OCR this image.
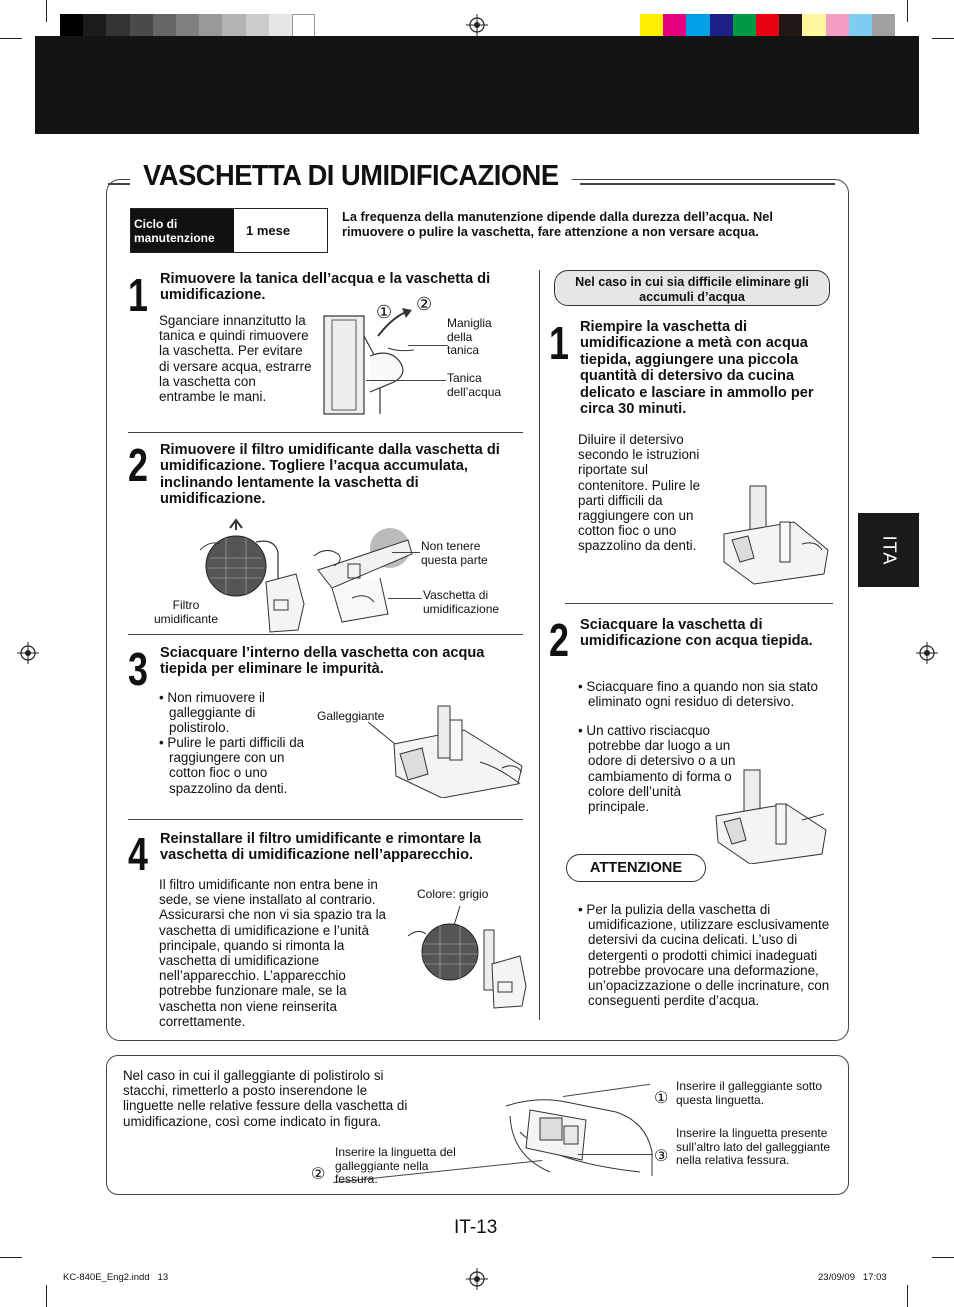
ITA
VASCHETTA DI UMIDIFICAZIONE
Ciclo di manutenzione	1 mese
La frequenza della manutenzione dipende dalla durezza dell’acqua. Nel rimuovere o pulire la vaschetta, fare attenzione a non versare acqua.
1 Rimuovere la tanica dell’acqua e la vaschetta di umidificazione.
Sganciare innanzitutto la tanica e quindi rimuovere la vaschetta. Per evitare di versare acqua, estrarre la vaschetta con entrambe le mani.
① ②
Maniglia della tanica
Tanica dell’acqua
2 Rimuovere il filtro umidificante dalla vaschetta di umidificazione. Togliere l’acqua accumulata, inclinando lentamente la vaschetta di umidificazione.
Non tenere questa parte
Vaschetta di umidificazione
Filtro umidificante
3 Sciacquare l’interno della vaschetta con acqua tiepida per eliminare le impurità.
• Non rimuovere il galleggiante di polistirolo.
• Pulire le parti difficili da raggiungere con un cotton fioc o uno spazzolino da denti.
Galleggiante
4 Reinstallare il filtro umidificante e rimontare la vaschetta di umidificazione nell’apparecchio.
Il filtro umidificante non entra bene in sede, se viene installato al contrario. Assicurarsi che non vi sia spazio tra la vaschetta di umidificazione e l’unità principale, quando si rimonta la vaschetta di umidificazione nell’apparecchio. L’apparecchio potrebbe funzionare male, se la vaschetta non viene reinserita correttamente.
Colore: grigio
Nel caso in cui sia difficile eliminare gli accumuli d’acqua
1 Riempire la vaschetta di umidificazione a metà con acqua tiepida, aggiungere una piccola quantità di detersivo da cucina delicato e lasciare in ammollo per circa 30 minuti.
Diluire il detersivo secondo le istruzioni riportate sul contenitore. Pulire le parti difficili da raggiungere con un cotton fioc o uno spazzolino da denti.
2 Sciacquare la vaschetta di umidificazione con acqua tiepida.
• Sciacquare fino a quando non sia stato eliminato ogni residuo di detersivo.
• Un cattivo risciacquo potrebbe dar luogo a un odore di detersivo o a un cambiamento di forma o colore dell’unità principale.
ATTENZIONE
• Per la pulizia della vaschetta di umidificazione, utilizzare esclusivamente detersivi da cucina delicati. L’uso di detergenti o prodotti chimici inadeguati potrebbe provocare una deformazione, un’opacizzazione o delle incrinature, con conseguenti perdite d’acqua.
Nel caso in cui il galleggiante di polistirolo si stacchi, rimetterlo a posto inserendone le linguette nelle relative fessure della vaschetta di umidificazione, così come indicato in figura.
①
Inserire il galleggiante sotto questa linguetta.
③
Inserire la linguetta presente sull’altro lato del galleggiante nella relativa fessura.
②
Inserire la linguetta del galleggiante nella fessura.
IT-13
KC-840E_Eng2.indd   13	23/09/09   17:03
